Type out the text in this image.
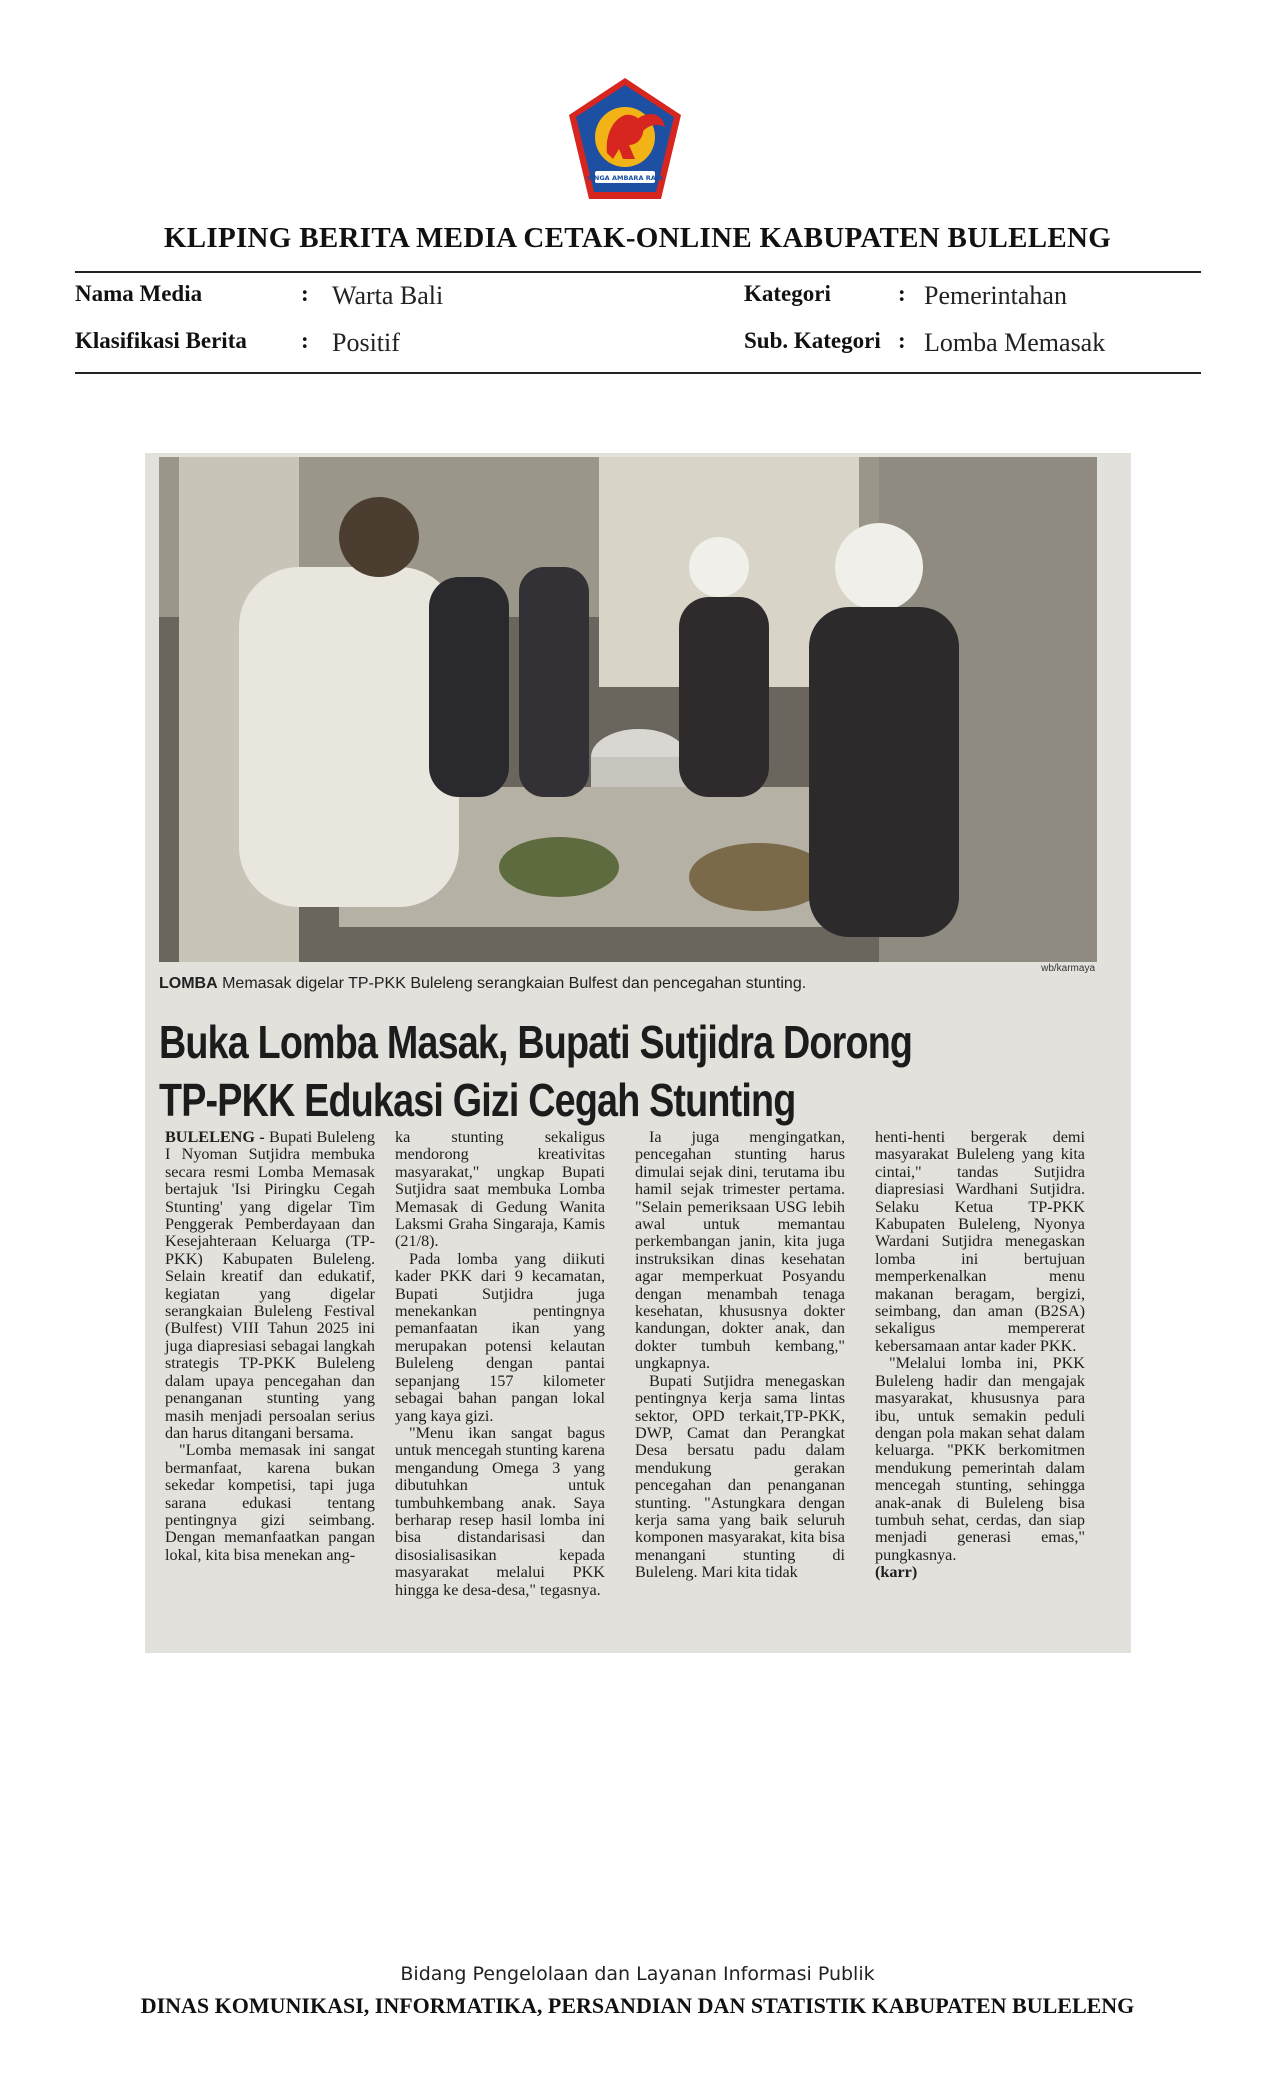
SINGA AMBARA RAJA
KLIPING BERITA MEDIA CETAK-ONLINE KABUPATEN BULELENG
Nama Media	: Warta Bali
Klasifikasi Berita : Positif
Kategori	: Pemerintahan
Sub. Kategori : Lomba Memasak
wb/karmaya
LOMBA Memasak digelar TP-PKK Buleleng serangkaian Bulfest dan pencegahan stunting.
Buka Lomba Masak, Bupati Sutjidra Dorong
TP-PKK Edukasi Gizi Cegah Stunting

BULELENG - Bupati Buleleng I Nyoman Sutjidra membuka secara resmi Lomba Memasak bertajuk 'Isi Piringku Cegah Stunting' yang digelar Tim Penggerak Pemberdayaan dan Kesejahteraan Keluarga (TP-PKK) Kabupaten Buleleng. Selain kreatif dan edukatif, kegiatan yang digelar serangkaian Buleleng Festival (Bulfest) VIII Tahun 2025 ini juga diapresiasi sebagai langkah strategis TP-PKK Buleleng dalam upaya pencegahan dan penanganan stunting yang masih menjadi persoalan serius dan harus ditangani bersama.

"Lomba memasak ini sangat bermanfaat, karena bukan sekedar kompetisi, tapi juga sarana edukasi tentang pentingnya gizi seimbang. Dengan memanfaatkan pangan lokal, kita bisa menekan ang-

ka stunting sekaligus mendorong kreativitas masyarakat," ungkap Bupati Sutjidra saat membuka Lomba Memasak di Gedung Wanita Laksmi Graha Singaraja, Kamis (21/8).

Pada lomba yang diikuti kader PKK dari 9 kecamatan, Bupati Sutjidra juga menekankan pentingnya pemanfaatan ikan yang merupakan potensi kelautan Buleleng dengan pantai sepanjang 157 kilometer sebagai bahan pangan lokal yang kaya gizi.

"Menu ikan sangat bagus untuk mencegah stunting karena mengandung Omega 3 yang dibutuhkan untuk tumbuhkembang anak. Saya berharap resep hasil lomba ini bisa distandarisasi dan disosialisasikan kepada masyarakat melalui PKK hingga ke desa-desa," tegasnya.

Ia juga mengingatkan, pencegahan stunting harus dimulai sejak dini, terutama ibu hamil sejak trimester pertama. "Selain pemeriksaan USG lebih awal untuk memantau perkembangan janin, kita juga instruksikan dinas kesehatan agar memperkuat Posyandu dengan menambah tenaga kesehatan, khususnya dokter kandungan, dokter anak, dan dokter tumbuh kembang," ungkapnya.

Bupati Sutjidra menegaskan pentingnya kerja sama lintas sektor, OPD terkait,TP-PKK, DWP, Camat dan Perangkat Desa bersatu padu dalam mendukung gerakan pencegahan dan penanganan stunting. "Astungkara dengan kerja sama yang baik seluruh komponen masyarakat, kita bisa menangani stunting di Buleleng. Mari kita tidak

henti-henti bergerak demi masyarakat Buleleng yang kita cintai," tandas Sutjidra diapresiasi Wardhani Sutjidra. Selaku Ketua TP-PKK Kabupaten Buleleng, Nyonya Wardani Sutjidra menegaskan lomba ini bertujuan memperkenalkan menu makanan beragam, bergizi, seimbang, dan aman (B2SA) sekaligus mempererat kebersamaan antar kader PKK.

"Melalui lomba ini, PKK Buleleng hadir dan mengajak masyarakat, khususnya para ibu, untuk semakin peduli dengan pola makan sehat dalam keluarga. "PKK berkomitmen mendukung pemerintah dalam mencegah stunting, sehingga anak-anak di Buleleng bisa tumbuh sehat, cerdas, dan siap menjadi generasi emas," pungkasnya.

(karr)

Bidang Pengelolaan dan Layanan Informasi Publik
DINAS KOMUNIKASI, INFORMATIKA, PERSANDIAN DAN STATISTIK KABUPATEN BULELENG
